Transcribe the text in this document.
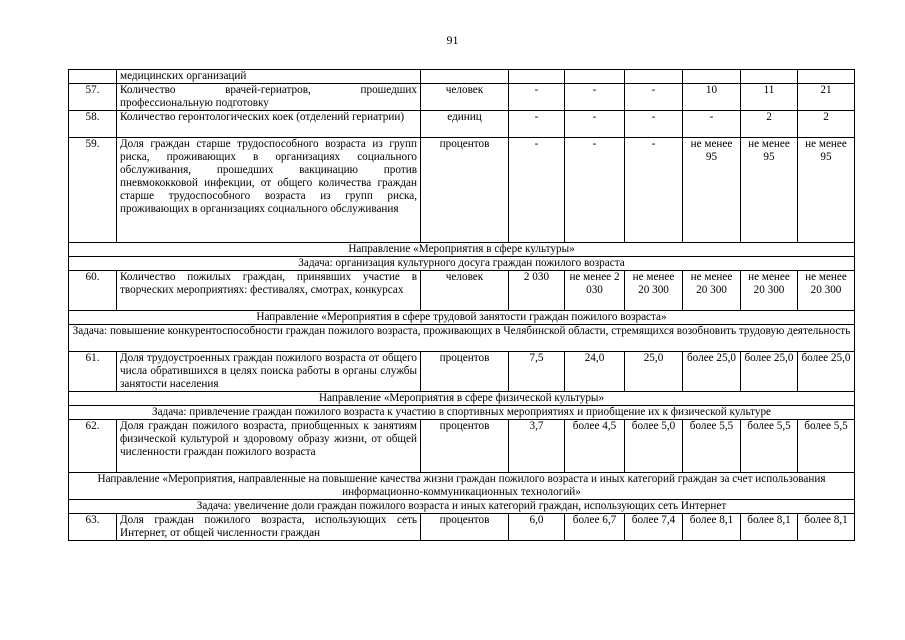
91
	медицинских организаций							
57.	Количество врачей-гериатров, прошедших профессиональную подготовку	человек	-	-	-	10	11	21
58.	Количество геронтологических коек (отделений гериатрии)	единиц	-	-	-	-	2	2
59.	Доля граждан старше трудоспособного возраста из групп риска, проживающих в организациях социального обслуживания, прошедших вакцинацию против пневмококковой инфекции, от общего количества граждан старше трудоспособного возраста из групп риска, проживающих в организациях социального обслуживания	процентов	-	-	-	не менее 95	не менее 95	не менее 95
Направление «Мероприятия в сфере культуры»								
Задача: организация культурного досуга граждан пожилого возраста								
60.	Количество пожилых граждан, принявших участие в творческих мероприятиях: фестивалях, смотрах, конкурсах	человек	2 030	не менее 2 030	не менее 20 300	не менее 20 300	не менее 20 300	не менее 20 300
Направление «Мероприятия в сфере трудовой занятости граждан пожилого возраста»								
Задача: повышение конкурентоспособности граждан пожилого возраста, проживающих в Челябинской области, стремящихся возобновить трудовую деятельность								
61.	Доля трудоустроенных граждан пожилого возраста от общего числа обратившихся в целях поиска работы в органы службы занятости населения	процентов	7,5	24,0	25,0	более 25,0	более 25,0	более 25,0
Направление «Мероприятия в сфере физической культуры»								
Задача: привлечение граждан пожилого возраста к участию в спортивных мероприятиях и приобщение их к физической культуре								
62.	Доля граждан пожилого возраста, приобщенных к занятиям физической культурой и здоровому образу жизни, от общей численности граждан пожилого возраста	процентов	3,7	более 4,5	более 5,0	более 5,5	более 5,5	более 5,5
Направление «Мероприятия, направленные на повышение качества жизни граждан пожилого возраста и иных категорий граждан за счет использования информационно-коммуникационных технологий»								
Задача: увеличение доли граждан пожилого возраста и иных категорий граждан, использующих сеть Интернет								
63.	Доля граждан пожилого возраста, использующих сеть Интернет, от общей численности граждан	процентов	6,0	более 6,7	более 7,4	более 8,1	более 8,1	более 8,1
